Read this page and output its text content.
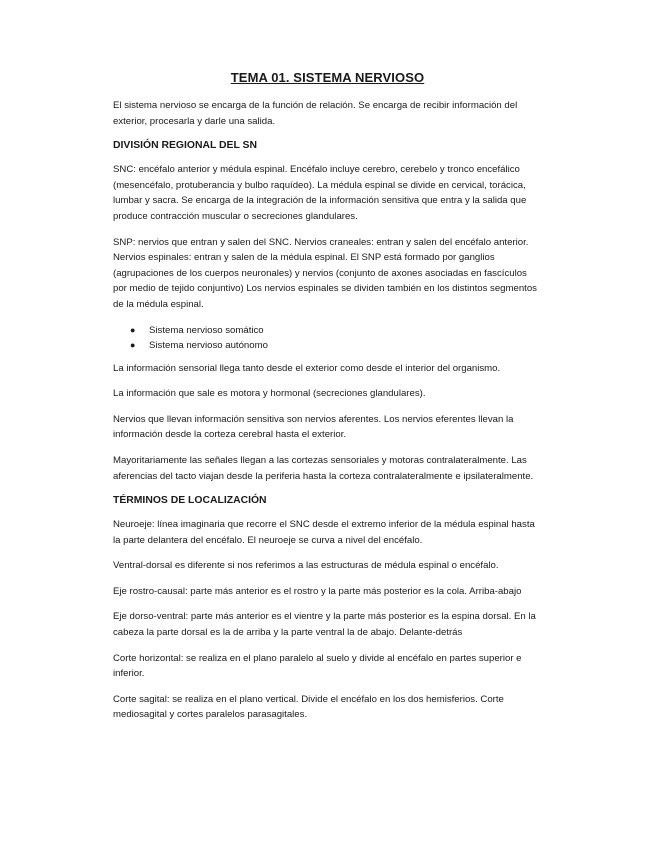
TEMA 01. SISTEMA NERVIOSO

El sistema nervioso se encarga de la función de relación. Se encarga de recibir información del exterior, procesarla y darle una salida.

DIVISIÓN REGIONAL DEL SN

SNC: encéfalo anterior y médula espinal. Encéfalo incluye cerebro, cerebelo y tronco encefálico (mesencéfalo, protuberancia y bulbo raquídeo). La médula espinal se divide en cervical, torácica, lumbar y sacra. Se encarga de la integración de la información sensitiva que entra y la salida que produce contracción muscular o secreciones glandulares.

SNP: nervios que entran y salen del SNC. Nervios craneales: entran y salen del encéfalo anterior. Nervios espinales: entran y salen de la médula espinal. El SNP está formado por ganglios (agrupaciones de los cuerpos neuronales) y nervios (conjunto de axones asociadas en fascículos por medio de tejido conjuntivo) Los nervios espinales se dividen también en los distintos segmentos de la médula espinal.

● Sistema nervioso somático
● Sistema nervioso autónomo

La información sensorial llega tanto desde el exterior como desde el interior del organismo.

La información que sale es motora y hormonal (secreciones glandulares).

Nervios que llevan información sensitiva son nervios aferentes. Los nervios eferentes llevan la información desde la corteza cerebral hasta el exterior.

Mayoritariamente las señales llegan a las cortezas sensoriales y motoras contralateralmente. Las aferencias del tacto viajan desde la periferia hasta la corteza contralateralmente e ipsilateralmente.

TÉRMINOS DE LOCALIZACIÓN

Neuroeje: línea imaginaria que recorre el SNC desde el extremo inferior de la médula espinal hasta la parte delantera del encéfalo. El neuroeje se curva a nivel del encéfalo.

Ventral-dorsal es diferente si nos referimos a las estructuras de médula espinal o encéfalo.

Eje rostro-causal: parte más anterior es el rostro y la parte más posterior es la cola. Arriba-abajo

Eje dorso-ventral: parte más anterior es el vientre y la parte más posterior es la espina dorsal. En la cabeza la parte dorsal es la de arriba y la parte ventral la de abajo. Delante-detrás

Corte horizontal: se realiza en el plano paralelo al suelo y divide al encéfalo en partes superior e inferior.

Corte sagital: se realiza en el plano vertical. Divide el encéfalo en los dos hemisferios. Corte mediosagital y cortes paralelos parasagitales.
